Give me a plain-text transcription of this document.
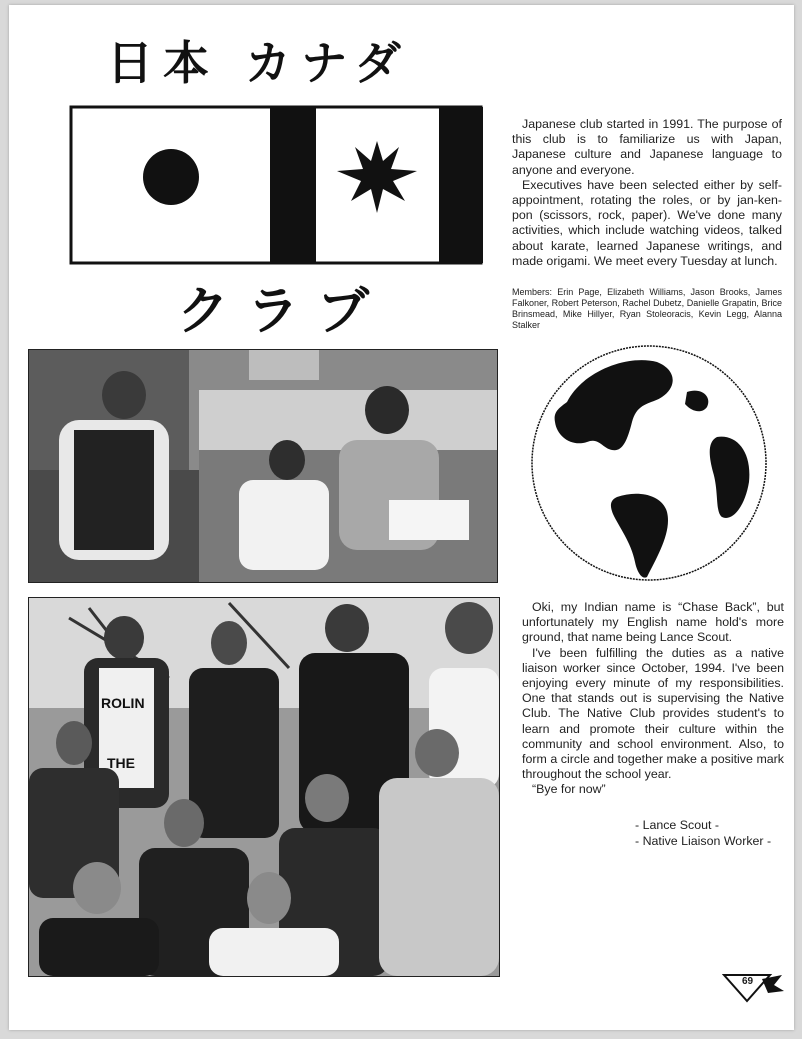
日本 カナダ
クラブ

Japanese club started in 1991. The purpose of this club is to familiarize us with Japan, Japanese culture and Japanese language to anyone and everyone.

Executives have been selected either by self-appointment, rotating the roles, or by jan-ken-pon (scissors, rock, paper). We've done many activities, which include watching videos, talked about karate, learned Japanese writings, and made origami. We meet every Tuesday at lunch.

Members: Erin Page, Elizabeth Williams, Jason Brooks, James Falkoner, Robert Peterson, Rachel Dubetz, Danielle Grapatin, Brice Brinsmead, Mike Hillyer, Ryan Stoleoracis, Kevin Legg, Alanna Stalker
ROLIN
THE

Oki, my Indian name is “Chase Back”, but unfortunately my English name hold's more ground, that name being Lance Scout.

I've been fulfilling the duties as a native liaison worker since October, 1994. I've been enjoying every minute of my responsibilities. One that stands out is supervising the Native Club. The Native Club provides student's to learn and promote their culture within the community and school environment. Also, to form a circle and together make a positive mark throughout the school year.

“Bye for now”

- Lance Scout -
- Native Liaison Worker -
69
